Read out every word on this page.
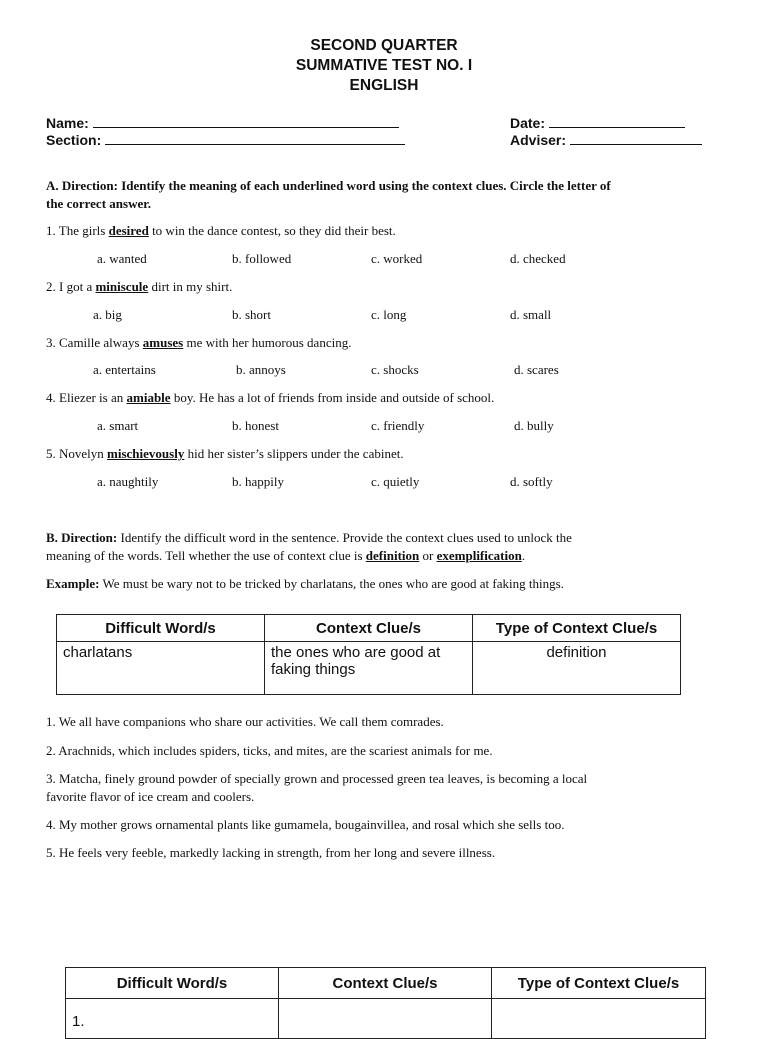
SECOND QUARTER
SUMMATIVE TEST NO. I
ENGLISH
Name:
Section:
Date:
Adviser:
A. Direction: Identify the meaning of each underlined word using the context clues. Circle the letter of
the correct answer.
1. The girls desired to win the dance contest, so they did their best.
a. wanted	b. followed	c. worked	d. checked
2. I got a miniscule dirt in my shirt.
a. big	b. short	c. long	d. small
3. Camille always amuses me with her humorous dancing.
a. entertains	b. annoys	c. shocks	d. scares
4. Eliezer is an amiable boy. He has a lot of friends from inside and outside of school.
a. smart	b. honest	c. friendly	d. bully
5. Novelyn mischievously hid her sister’s slippers under the cabinet.
a. naughtily	b. happily	c. quietly	d. softly
B. Direction: Identify the difficult word in the sentence. Provide the context clues used to unlock the
meaning of the words. Tell whether the use of context clue is definition or exemplification.
Example: We must be wary not to be tricked by charlatans, the ones who are good at faking things.
Difficult Word/s	Context Clue/s	Type of Context Clue/s
charlatans	the ones who are good at faking things	definition
1. We all have companions who share our activities. We call them comrades.
2. Arachnids, which includes spiders, ticks, and mites, are the scariest animals for me.
3. Matcha, finely ground powder of specially grown and processed green tea leaves, is becoming a local
favorite flavor of ice cream and coolers.
4. My mother grows ornamental plants like gumamela, bougainvillea, and rosal which she sells too.
5. He feels very feeble, markedly lacking in strength, from her long and severe illness.
Difficult Word/s	Context Clue/s	Type of Context Clue/s
1.		
